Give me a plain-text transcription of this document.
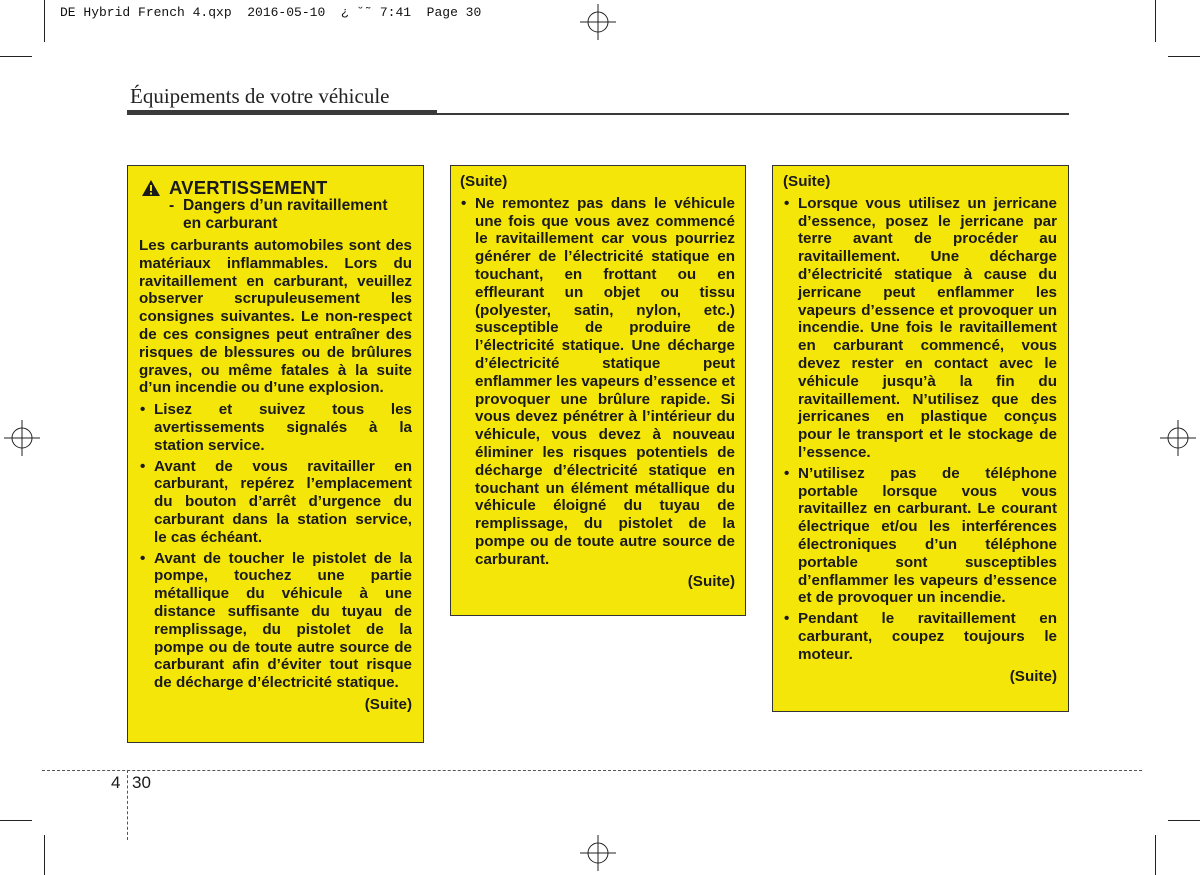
DE Hybrid French 4.qxp  2016-05-10  ¿ ˘˜ 7:41  Page 30
Équipements de votre véhicule
AVERTISSEMENT
- Dangers d’un ravitaillement
en carburant
Les carburants automobiles sont des matériaux inflammables. Lors du ravitaillement en carburant, veuillez observer scrupuleusement les consignes suivantes. Le non-respect de ces consignes peut entraîner des risques de blessures ou de brûlures graves, ou même fatales à la suite d’un incendie ou d’une explosion.
• Lisez et suivez tous les avertissements signalés à la station service.
• Avant de vous ravitailler en carburant, repérez l’emplacement du bouton d’arrêt d’urgence du carburant dans la station service, le cas échéant.
• Avant de toucher le pistolet de la pompe, touchez une partie métallique du véhicule à une distance suffisante du tuyau de remplissage, du pistolet de la pompe ou de toute autre source de carburant afin d’éviter tout risque de décharge d’électricité statique.
(Suite)
(Suite)
• Ne remontez pas dans le véhicule une fois que vous avez commencé le ravitaillement car vous pourriez générer de l’électricité statique en touchant, en frottant ou en effleurant un objet ou tissu (polyester, satin, nylon, etc.) susceptible de produire de l’électricité statique. Une décharge d’électricité statique peut enflammer les vapeurs d’essence et provoquer une brûlure rapide. Si vous devez pénétrer à l’intérieur du véhicule, vous devez à nouveau éliminer les risques potentiels de décharge d’électricité statique en touchant un élément métallique du véhicule éloigné du tuyau de remplissage, du pistolet de la pompe ou de toute autre source de carburant.
(Suite)
(Suite)
• Lorsque vous utilisez un jerricane d’essence, posez le jerricane par terre avant de procéder au ravitaillement. Une décharge d’électricité statique à cause du jerricane peut enflammer les vapeurs d’essence et provoquer un incendie. Une fois le ravitaillement en carburant commencé, vous devez rester en contact avec le véhicule jusqu’à la fin du ravitaillement. N’utilisez que des jerricanes en plastique conçus pour le transport et le stockage de l’essence.
• N’utilisez pas de téléphone portable lorsque vous vous ravitaillez en carburant. Le courant électrique et/ou les interférences électroniques d’un téléphone portable sont susceptibles d’enflammer les vapeurs d’essence et de provoquer un incendie.
• Pendant le ravitaillement en carburant, coupez toujours le moteur.
(Suite)
4 30
